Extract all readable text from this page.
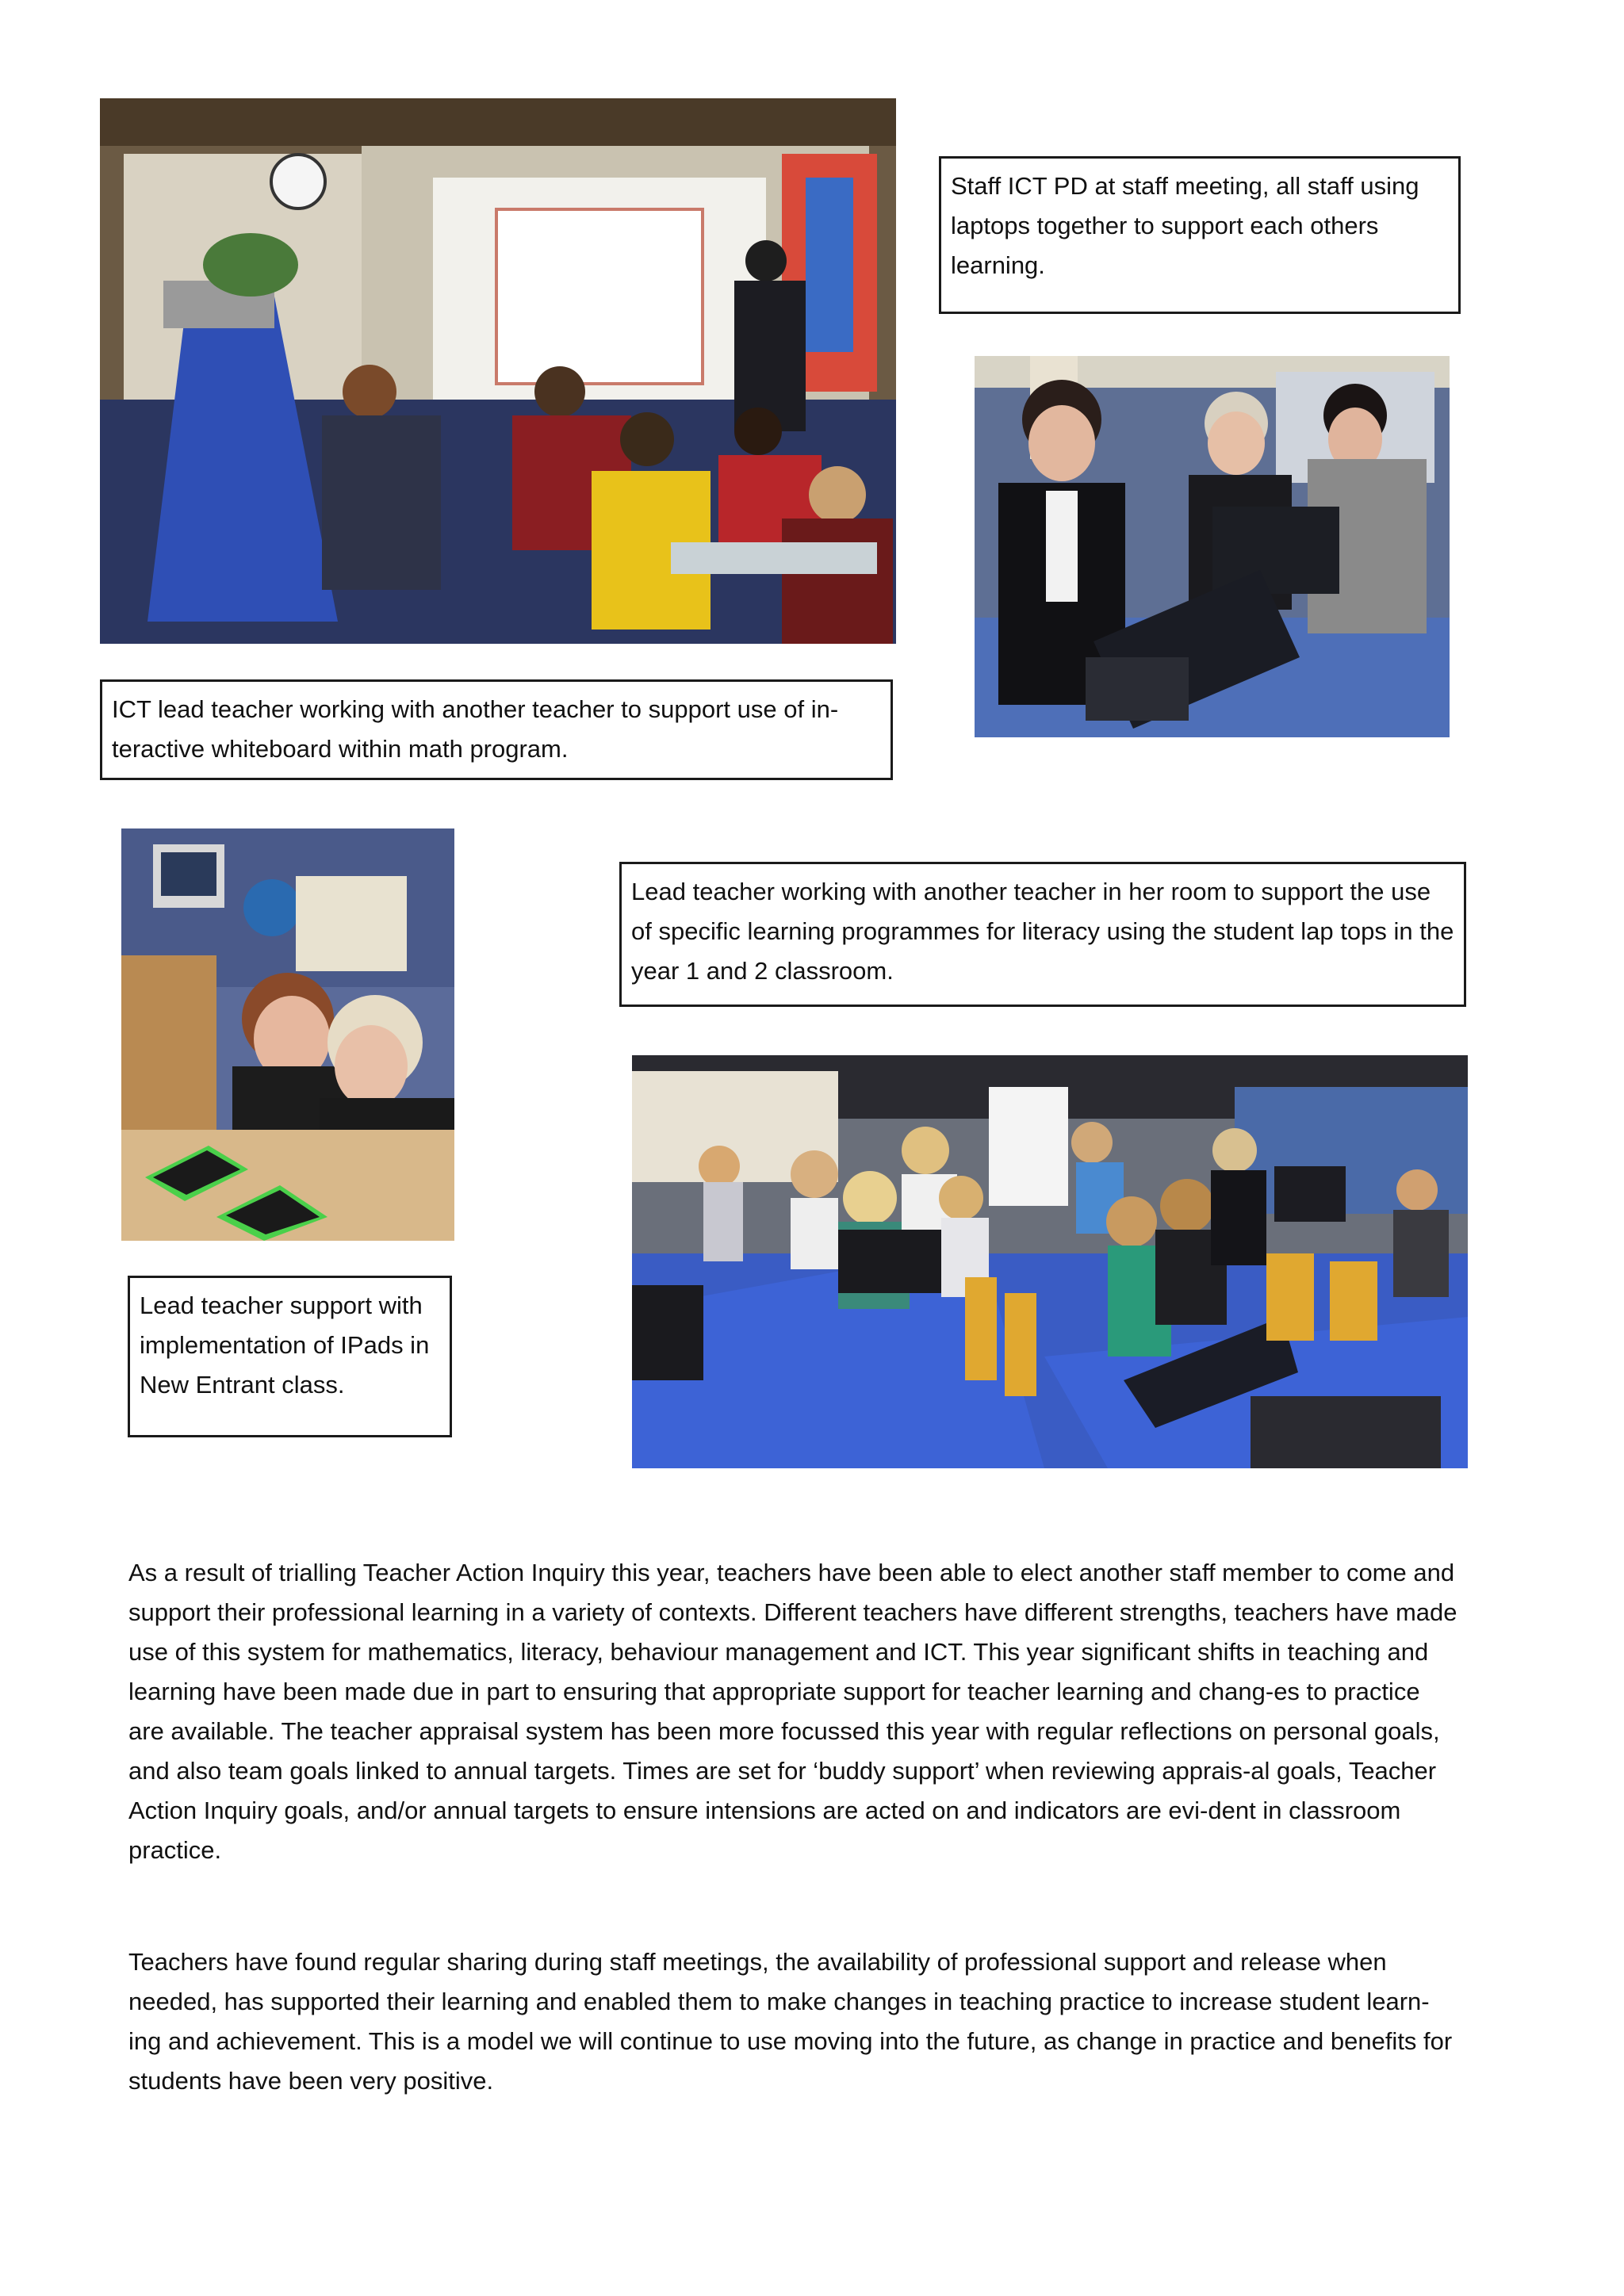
Staff ICT PD at staff meeting, all staff using laptops together to support each others learning.
ICT lead teacher working with another teacher to support use of in-teractive whiteboard within math program.
Lead teacher working with another teacher in her room to support the use of specific learning programmes for literacy using the student lap tops in the year 1 and 2 classroom.
Lead teacher support with implementation of IPads in New Entrant class.
As a result of trialling Teacher Action Inquiry this year, teachers have been able to elect another staff member to come and support their professional learning in a variety of contexts. Different teachers have different strengths, teachers have made use of this system for mathematics, literacy, behaviour management and ICT. This year significant shifts in teaching and learning have been made due in part to ensuring that appropriate support for teacher learning and chang-es to practice are available. The teacher appraisal system has been more focussed this year with regular reflections on personal goals, and also team goals linked to annual targets. Times are set for ‘buddy support’ when reviewing apprais-al goals, Teacher Action Inquiry goals, and/or annual targets to ensure intensions are acted on and indicators are evi-dent in classroom practice.
Teachers have found regular sharing during staff meetings, the availability of professional support and release when needed, has supported their learning and enabled them to make changes in teaching practice to increase student learn-ing and achievement. This is a model we will continue to use moving into the future, as change in practice and benefits for students have been very positive.
